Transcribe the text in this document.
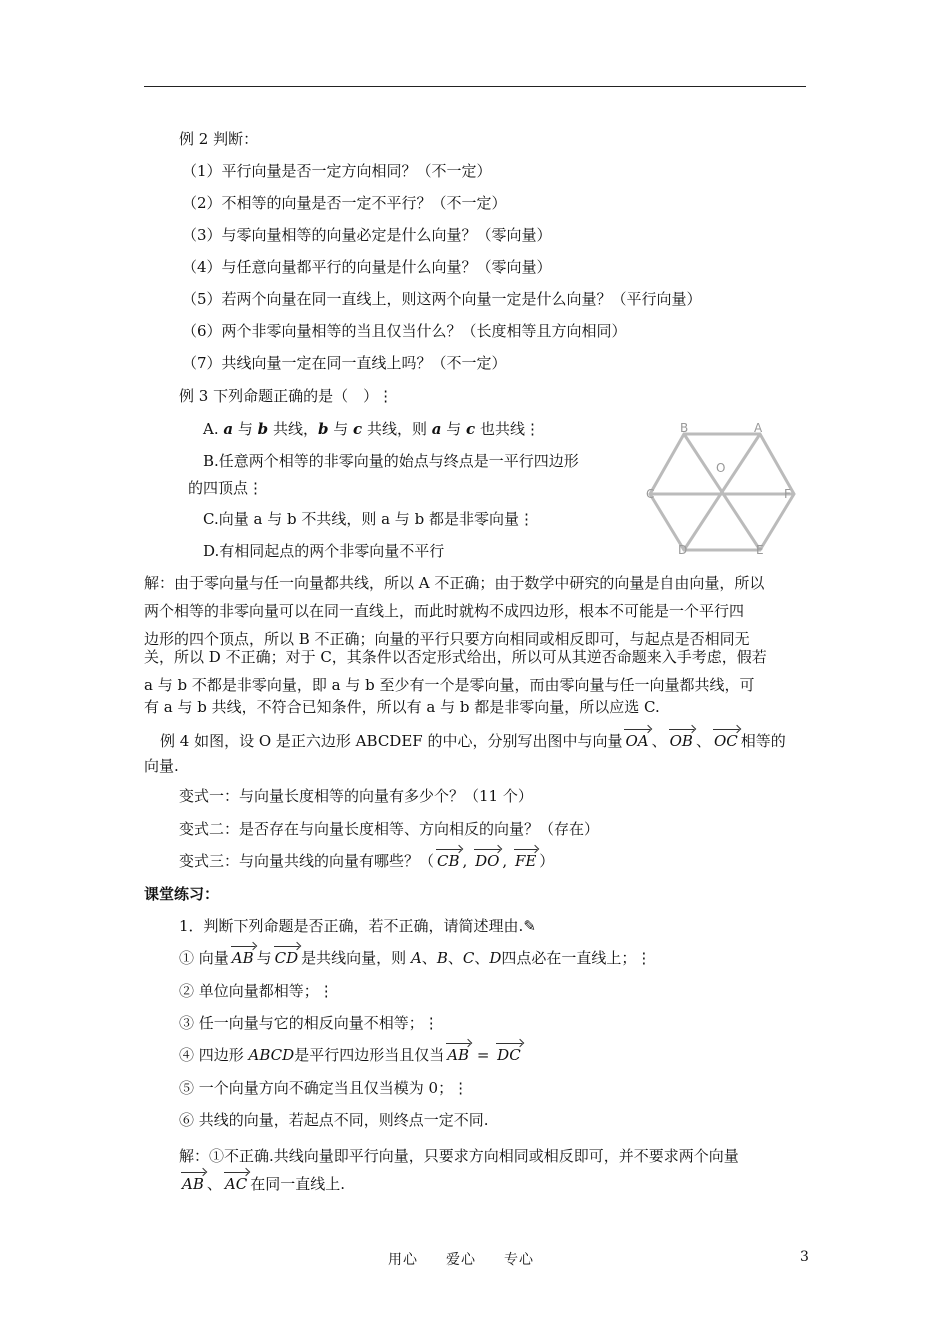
例 2 判断：
（1）平行向量是否一定方向相同？（不一定）
（2）不相等的向量是否一定不平行？（不一定）
（3）与零向量相等的向量必定是什么向量？（零向量）
（4）与任意向量都平行的向量是什么向量？（零向量）
（5）若两个向量在同一直线上，则这两个向量一定是什么向量？（平行向量）
（6）两个非零向量相等的当且仅当什么？（长度相等且方向相同）
（7）共线向量一定在同一直线上吗？（不一定）
例 3 下列命题正确的是（　）⋮
A. a 与 b 共线，b 与 c 共线，则 a 与 c 也共线⋮
B.任意两个相等的非零向量的始点与终点是一平行四边形
的四顶点⋮
C.向量 a 与 b 不共线，则 a 与 b 都是非零向量⋮
D.有相同起点的两个非零向量不平行
B	A
O
C	F
D	E
解：由于零向量与任一向量都共线，所以 A 不正确；由于数学中研究的向量是自由向量，所以
两个相等的非零向量可以在同一直线上，而此时就构不成四边形，根本不可能是一个平行四
边形的四个顶点，所以 B 不正确；向量的平行只要方向相同或相反即可，与起点是否相同无
关，所以 D 不正确；对于 C，其条件以否定形式给出，所以可从其逆否命题来入手考虑，假若
a 与 b 不都是非零向量，即 a 与 b 至少有一个是零向量，而由零向量与任一向量都共线，可
有 a 与 b 共线，不符合已知条件，所以有 a 与 b 都是非零向量，所以应选 C.
例 4 如图，设 O 是正六边形 ABCDEF 的中心，分别写出图中与向量 OA 、 OB 、 OC 相等的
向量.
变式一：与向量长度相等的向量有多少个？（11 个）
变式二：是否存在与向量长度相等、方向相反的向量？（存在）
变式三：与向量共线的向量有哪些？（ CB , DO , FE ）
课堂练习：
1．判断下列命题是否正确，若不正确，请简述理由.✎
① 向量 AB 与 CD 是共线向量，则 A、B、C、D四点必在一直线上；⋮
② 单位向量都相等；⋮
③ 任一向量与它的相反向量不相等；⋮
④ 四边形 ABCD是平行四边形当且仅当 AB = DC
⑤ 一个向量方向不确定当且仅当模为 0；⋮
⑥ 共线的向量，若起点不同，则终点一定不同.
解：①不正确.共线向量即平行向量，只要求方向相同或相反即可，并不要求两个向量
AB 、 AC 在同一直线上.
用心 爱心 专心	3
